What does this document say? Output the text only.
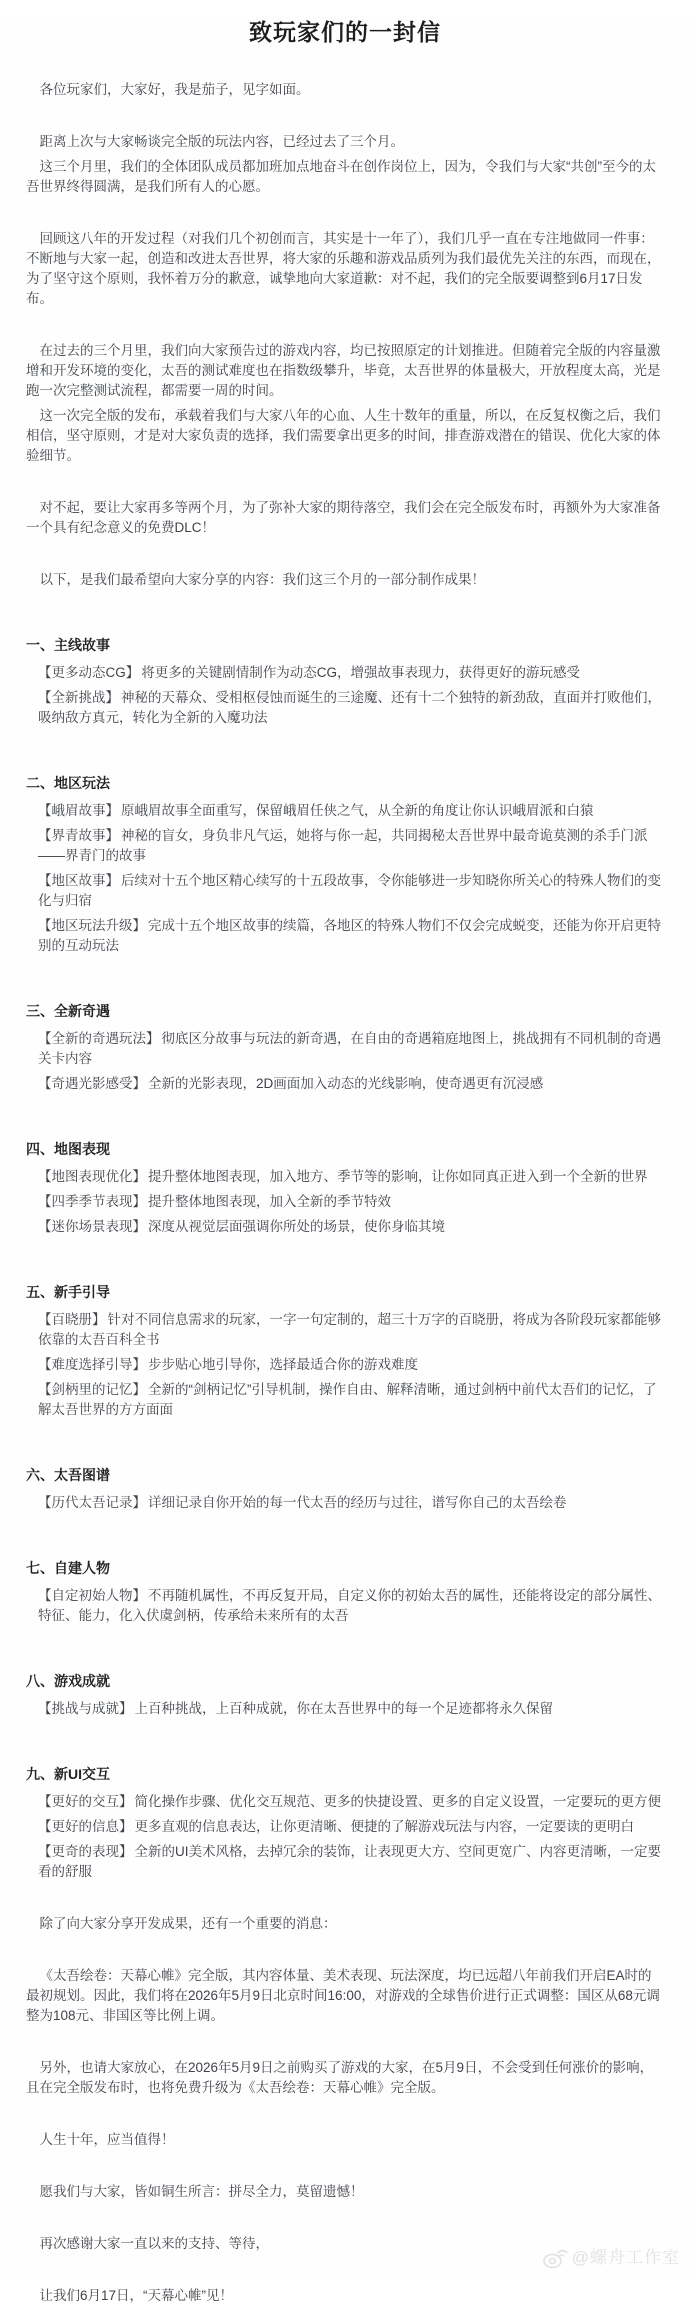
致玩家们的一封信

各位玩家们，大家好，我是茄子，见字如面。

距离上次与大家畅谈完全版的玩法内容，已经过去了三个月。

这三个月里，我们的全体团队成员都加班加点地奋斗在创作岗位上，因为，令我们与大家“共创”至今的太吾世界终得圆满，是我们所有人的心愿。

回顾这八年的开发过程（对我们几个初创而言，其实是十一年了），我们几乎一直在专注地做同一件事：不断地与大家一起，创造和改进太吾世界，将大家的乐趣和游戏品质列为我们最优先关注的东西，而现在，为了坚守这个原则，我怀着万分的歉意，诚挚地向大家道歉：对不起，我们的完全版要调整到6月17日发布。

在过去的三个月里，我们向大家预告过的游戏内容，均已按照原定的计划推进。但随着完全版的内容量激增和开发环境的变化，太吾的测试难度也在指数级攀升，毕竟，太吾世界的体量极大，开放程度太高，光是跑一次完整测试流程，都需要一周的时间。

这一次完全版的发布，承载着我们与大家八年的心血、人生十数年的重量，所以，在反复权衡之后，我们相信，坚守原则，才是对大家负责的选择，我们需要拿出更多的时间，排查游戏潜在的错误、优化大家的体验细节。

对不起，要让大家再多等两个月，为了弥补大家的期待落空，我们会在完全版发布时，再额外为大家准备一个具有纪念意义的免费DLC！

以下，是我们最希望向大家分享的内容：我们这三个月的一部分制作成果！

一、主线故事

【更多动态CG】 将更多的关键剧情制作为动态CG，增强故事表现力，获得更好的游玩感受

【全新挑战】 神秘的天幕众、受相枢侵蚀而诞生的三途魔、还有十二个独特的新劲敌，直面并打败他们，吸纳敌方真元，转化为全新的入魔功法

二、地区玩法

【峨眉故事】 原峨眉故事全面重写，保留峨眉任侠之气，从全新的角度让你认识峨眉派和白猿

【界青故事】 神秘的盲女，身负非凡气运，她将与你一起，共同揭秘太吾世界中最奇诡莫测的杀手门派——界青门的故事

【地区故事】 后续对十五个地区精心续写的十五段故事，令你能够进一步知晓你所关心的特殊人物们的变化与归宿

【地区玩法升级】 完成十五个地区故事的续篇，各地区的特殊人物们不仅会完成蜕变，还能为你开启更特别的互动玩法

三、全新奇遇

【全新的奇遇玩法】 彻底区分故事与玩法的新奇遇，在自由的奇遇箱庭地图上，挑战拥有不同机制的奇遇关卡内容

【奇遇光影感受】 全新的光影表现，2D画面加入动态的光线影响，使奇遇更有沉浸感

四、地图表现

【地图表现优化】 提升整体地图表现，加入地方、季节等的影响，让你如同真正进入到一个全新的世界

【四季季节表现】 提升整体地图表现，加入全新的季节特效

【迷你场景表现】 深度从视觉层面强调你所处的场景，使你身临其境

五、新手引导

【百晓册】 针对不同信息需求的玩家，一字一句定制的，超三十万字的百晓册，将成为各阶段玩家都能够依靠的太吾百科全书

【难度选择引导】 步步贴心地引导你，选择最适合你的游戏难度

【剑柄里的记忆】 全新的“剑柄记忆”引导机制，操作自由、解释清晰，通过剑柄中前代太吾们的记忆，了解太吾世界的方方面面

六、太吾图谱

【历代太吾记录】 详细记录自你开始的每一代太吾的经历与过往，谱写你自己的太吾绘卷

七、自建人物

【自定初始人物】 不再随机属性，不再反复开局，自定义你的初始太吾的属性，还能将设定的部分属性、特征、能力，化入伏虞剑柄，传承给未来所有的太吾

八、游戏成就

【挑战与成就】 上百种挑战，上百种成就，你在太吾世界中的每一个足迹都将永久保留

九、新UI交互

【更好的交互】 简化操作步骤、优化交互规范、更多的快捷设置、更多的自定义设置，一定要玩的更方便

【更好的信息】 更多直观的信息表达，让你更清晰、便捷的了解游戏玩法与内容，一定要读的更明白

【更奇的表现】 全新的UI美术风格，去掉冗余的装饰，让表现更大方、空间更宽广、内容更清晰，一定要看的舒服

除了向大家分享开发成果，还有一个重要的消息：

《太吾绘卷：天幕心帷》完全版，其内容体量、美术表现、玩法深度，均已远超八年前我们开启EA时的最初规划。因此，我们将在2026年5月9日北京时间16:00，对游戏的全球售价进行正式调整：国区从68元调整为108元、非国区等比例上调。

另外，也请大家放心，在2026年5月9日之前购买了游戏的大家，在5月9日，不会受到任何涨价的影响，且在完全版发布时，也将免费升级为《太吾绘卷：天幕心帷》完全版。

人生十年，应当值得！

愿我们与大家，皆如铜生所言：拼尽全力，莫留遗憾！

再次感谢大家一直以来的支持、等待，

让我们6月17日，“天幕心帷”见！

@螺舟工作室
